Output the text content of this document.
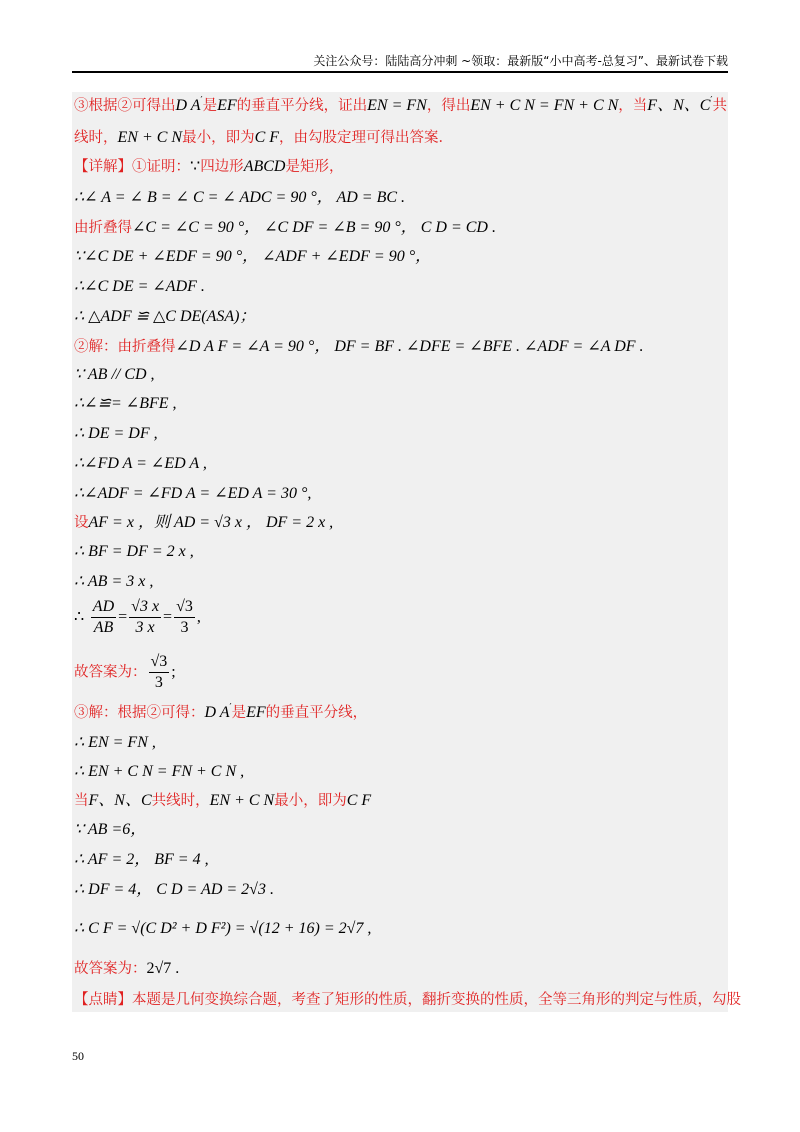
关注公众号：陆陆高分冲刺 ~领取：最新版“小中高考-总复习”、最新试卷下载
③根据②可得出D A′是EF的垂直平分线，证出EN = FN，得出EN + C N = FN + C N，当F、N、C′共
线时，EN + C N最小，即为C F，由勾股定理可得出答案．
【详解】①证明：∵四边形ABCD是矩形，
∴∠ A = ∠ B = ∠ C = ∠ ADC = 90 °， AD = BC .
由折叠得∠C = ∠C = 90 °， ∠C DF = ∠B = 90 °， C D = CD .
∵∠C DE + ∠EDF = 90 °， ∠ADF + ∠EDF = 90 °，
∴∠C DE = ∠ADF .
∴ △ADF ≌ △C DE(ASA)；
②解：由折叠得∠D A F = ∠A = 90 °， DF = BF . ∠DFE = ∠BFE . ∠ADF = ∠A DF .
∵ AB // CD ,
∴∠≌= ∠BFE ,
∴ DE = DF ,
∴∠FD A = ∠ED A ,
∴∠ADF = ∠FD A = ∠ED A = 30 °,
设AF = x ，则 AD = √3 x ， DF = 2 x ,
∴ BF = DF = 2 x ,
∴ AB = 3 x ,
∴ $\frac{AD}{AB} = \frac{√3 x}{3 x} = \frac{√3}{3}$ ,
故答案为： $\frac{√3}{3}$ ;
③解：根据②可得：D A′是EF的垂直平分线，
∴ EN = FN ,
∴ EN + C N = FN + C N ,
当F、N、C共线时，EN + C N最小，即为C F
∵ AB =6，
∴ AF = 2， BF = 4 ,
∴ DF = 4， C D = AD = 2√3 .
∴ C F = √(C D² + D F²) = √(12 + 16) = 2√7 ,
故答案为：2√7 .
【点睛】本题是几何变换综合题，考查了矩形的性质，翻折变换的性质，全等三角形的判定与性质，勾股
50
